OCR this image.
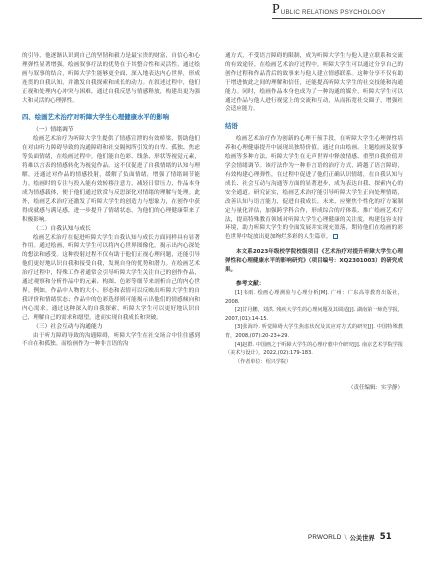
P UBLIC RELATIONS PSYCHOLOGY

的引导，他逐渐认识到自己的坚韧和毅力是最宝贵的财富，自信心和心理弹性显著增强。绘画叙事疗法的优势在于其整合性和灵活性，通过绘画与叙事的结合，听障大学生能够更全面、深入地表达内心世界，形成连贯的自我认知，并激发自我探索和成长的动力。在叙述过程中，他们正视和处理内心冲突与困难，通过自我反思与情感释放，构建出更为强大和灵活的心理弹性。

四、绘画艺术治疗对听障大学生心理健康水平的影响
（一）情绪调节

绘画艺术治疗为听障大学生提供了情感宣泄的有效桥梁，帮助他们在对由听力障碍导致的沟通障碍和社交隔阂所引发的自卑、孤独、焦虑等负面情绪，在绘画过程中，他们能自色彩、线条、形状等视觉元素，将难以言表的情感转化为视觉作品。这不仅促进了自我情绪的认知与理解，还通过对作品的情感投射，缓解了负面情绪，增强了情绪调节能力。绘画时的专注与投入能有效转移注意力，减轻日常压力，作品本身成为情感载体，便于他们通过欣赏与反思深化对情绪的理解与处理。此外，绘画艺术治疗还激发了听障大学生的创造力与想象力，在创作中获得成就感与满足感，进一步提升了情绪状态，为他们的心理健康带来了积极影响。

（二）自我认知与成长

绘画艺术治疗在促进听障大学生自我认知与成长方面同样具有显著作用。通过绘画，听障大学生可以将内心世界图像化，揭示出内心深处的想法和感受。这种投射过程不仅有助于他们正视心理问题，还能引导他们更好地认识自我和接受自我，发现自身的优势和潜力。在绘画艺术治疗过程中，特殊工作者通常会引导听障大学生关注自己的创作作品，通过观察和分析作品中的元素、构图、色彩等细节来剖析自己的内心世界。例如，作品中人物的大小、形态和表情可以反映出听障大学生的自我评价和情绪状态；作品中的色彩选择则可能揭示出他们的情感倾向和内心需求。通过这种深入的自我探索，听障大学生可以更好地认识自己，理解自己的需求和愿望，进而实现自我成长和突破。

（三）社会互动与沟通能力

由于听力障碍导致的沟通障碍，听障大学生在社交场合中往往感到不自在和孤独。而绘画作为一种非言语的沟

通方式，不受语言障碍的限制，成为听障大学生与他人建立联系和交流的有效途径。在绘画艺术治疗过程中，听障大学生可以通过分享自己的创作过程和作品背后的故事来与他人建立情感联系。这种分享不仅有助于增进彼此之间的理解和信任，还能提高听障大学生的社交技能和沟通能力。同时，绘画作品本身也成为了一种沟通的媒介，听障大学生可以通过作品与他人进行视觉上的交流和互动，从而拓宽社交圈子，增强社会适应能力。

结语

绘画艺术治疗作为创新的心理干预手段，在听障大学生心理弹性培养和心理健康提升中展现出独特价值。通过自由绘画、主题绘画及叙事绘画等多种方法，听障大学生在无声世界中释放情感、重塑自我价值并学会情绪调节。该疗法作为一种非言语的治疗方式，跨越了语言障碍，有效构建心理弹性，在过程中促进了他们正确认识情绪，在自我认知与成长、社会互动与沟通等方面的显著进步，成为表达自我、探索内心的安全通道。研究证实，绘画艺术治疗能引导听障大学生正向处理情绪，改善认知与语言能力，促进自我成长。未来，应聚焦个性化的疗方案制定与量化评估，加强跨学科合作，形成综合的疗体系。推广绘画艺术疗法，提高特殊教育领域对听障大学生心理健康的关注度，构建包容支持环境，助力听障大学生的全面发展并实现充盈落，期待他们在绘画的彩色世界中绽放出更加绚烂多彩的人生篇章。

本文系2023年级校学院校级项目《艺术治疗对提升听障大学生心理弹性和心理健康水平的影响研究》（项目编号：XQ2301003）的研究成果。

参考文献：

[1]韦雨. 绘画心理测验与心理分析[M]. 广州：广东高等教育出版社，2008.

[2]甘丹鹏，刘洪. 残疾大学生的心理问题及其调适[J]. 湖南第一师范学报，2007,(01):14-15.

[3]张海玲. 听觉障碍大学生焦虑状况及其应对方式的研究[J]. 中国特殊教育，2008,(07):20-23+29.

[4]赵群. 中国画之于听障大学生的心理疗愈中介研究[J]. 南京艺术学院学报（美术与设计），2022,(02):179-183.

（作者单位：绍兴学院）

（责任编辑：实学静）
PRWORLD \ 公关世界 51
